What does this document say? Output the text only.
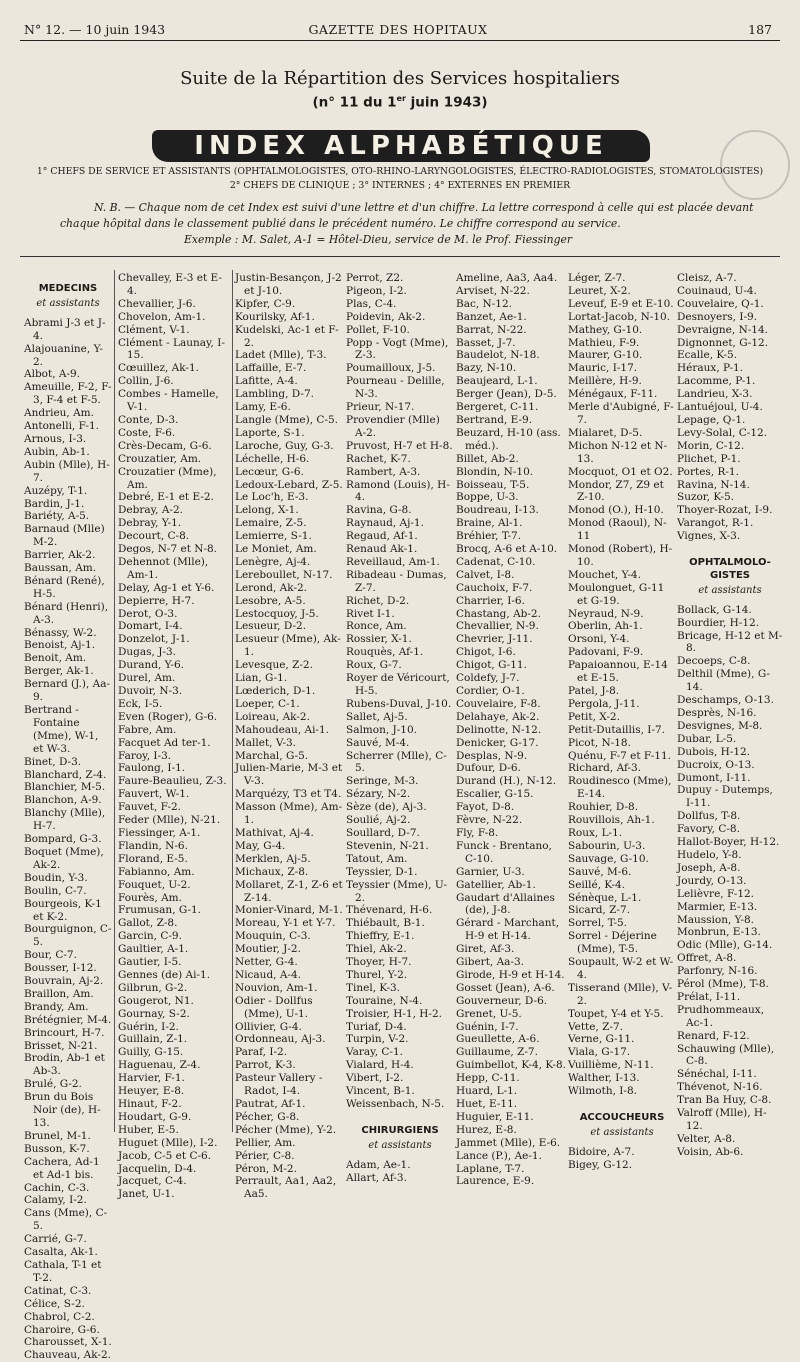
N° 12. — 10 juin 1943	GAZETTE DES HOPITAUX	187
Suite de la Répartition des Services hospitaliers
(n° 11 du 1er juin 1943)
INDEX ALPHABÉTIQUE
1° CHEFS DE SERVICE ET ASSISTANTS (OPHTALMOLOGISTES, OTO-RHINO-LARYNGOLOGISTES, ÉLECTRO-RADIOLOGISTES, STOMATOLOGISTES)
2° CHEFS DE CLINIQUE ; 3° INTERNES ; 4° EXTERNES EN PREMIER
N. B. — Chaque nom de cet Index est suivi d'une lettre et d'un chiffre. La lettre correspond à celle qui est placée devant chaque hôpital dans le classement publié dans le précédent numéro. Le chiffre correspond au service.
Exemple : M. Salet, A-1 = Hôtel-Dieu, service de M. le Prof. Fiessinger
MEDECINS
et assistants
Abrami J-3 et J-4.
Alajouanine, Y-2.
Albot, A-9.
Ameuille, F-2, F-3, F-4 et F-5.
Andrieu, Am.
Antonelli, F-1.
Arnous, I-3.
Aubin, Ab-1.
Aubin (Mlle), H-7.
Auzépy, T-1.
Bardin, J-1.
Bariéty, A-5.
Barnaud (Mlle) M-2.
Barrier, Ak-2.
Baussan, Am.
Bénard (René), H-5.
Bénard (Henri), A-3.
Bénassy, W-2.
Benoist, Aj-1.
Benoit, Am.
Berger, Ak-1.
Bernard (J.), Aa-9.
Bertrand - Fontaine (Mme), W-1, et W-3.
Binet, D-3.
Blanchard, Z-4.
Blanchier, M-5.
Blanchon, A-9.
Blanchy (Mlle), H-7.
Bompard, G-3.
Boquet (Mme), Ak-2.
Boudin, Y-3.
Boulin, C-7.
Bourgeois, K-1 et K-2.
Bourguignon, C-5.
Bour, C-7.
Bousser, I-12.
Bouvrain, Aj-2.
Braillon, Am.
Brandy, Am.
Brétégnier, M-4.
Brincourt, H-7.
Brisset, N-21.
Brodin, Ab-1 et Ab-3.
Brulé, G-2.
Brun du Bois Noir (de), H-13.
Brunel, M-1.
Busson, K-7.
Cachera, Ad-1 et Ad-1 bis.
Cachin, C-3.
Calamy, I-2.
Cans (Mme), C-5.
Carrié, G-7.
Casalta, Ak-1.
Cathala, T-1 et T-2.
Catinat, C-3.
Célice, S-2.
Chabrol, C-2.
Charoire, G-6.
Charousset, X-1.
Chauveau, Ak-2.
Chevalley, E-3 et E-4.
Chevallier, J-6.
Chovelon, Am-1.
Clément, V-1.
Clément - Launay, I-15.
Cœuillez, Ak-1.
Collin, J-6.
Combes - Hamelle, V-1.
Conte, D-3.
Coste, F-6.
Crès-Decam, G-6.
Crouzatier, Am.
Crouzatier (Mme), Am.
Debré, E-1 et E-2.
Debray, A-2.
Debray, Y-1.
Decourt, C-8.
Degos, N-7 et N-8.
Dehennot (Mlle), Am-1.
Delay, Ag-1 et Y-6.
Depierre, H-7.
Derot, O-3.
Domart, I-4.
Donzelot, J-1.
Dugas, J-3.
Durand, Y-6.
Durel, Am.
Duvoir, N-3.
Eck, I-5.
Even (Roger), G-6.
Fabre, Am.
Facquet Ad ter-1.
Faroy, I-3.
Faulong, I-1.
Faure-Beaulieu, Z-3.
Fauvert, W-1.
Fauvet, F-2.
Feder (Mlle), N-21.
Fiessinger, A-1.
Flandin, N-6.
Florand, E-5.
Fabianno, Am.
Fouquet, U-2.
Fourès, Am.
Frumusan, G-1.
Gallot, Z-8.
Garcin, C-9.
Gaultier, A-1.
Gautier, I-5.
Gennes (de) Ai-1.
Gilbrun, G-2.
Gougerot, N1.
Gournay, S-2.
Guérin, I-2.
Guillain, Z-1.
Guilly, G-15.
Haguenau, Z-4.
Harvier, F-1.
Heuyer, E-8.
Hinaut, F-2.
Houdart, G-9.
Huber, E-5.
Huguet (Mlle), I-2.
Jacob, C-5 et C-6.
Jacquelin, D-4.
Jacquet, C-4.
Janet, U-1.
Justin-Besançon, J-2 et J-10.
Kipfer, C-9.
Kourilsky, Af-1.
Kudelski, Ac-1 et F-2.
Ladet (Mlle), T-3.
Laffaille, E-7.
Lafitte, A-4.
Lambling, D-7.
Lamy, E-6.
Langle (Mme), C-5.
Laporte, S-1.
Laroche, Guy, G-3.
Léchelle, H-6.
Lecœur, G-6.
Ledoux-Lebard, Z-5.
Le Loc'h, E-3.
Lelong, X-1.
Lemaire, Z-5.
Lemierre, S-1.
Le Moniet, Am.
Lenègre, Aj-4.
Lereboullet, N-17.
Lerond, Ak-2.
Lesobre, A-5.
Lestocquoy, J-5.
Lesueur, D-2.
Lesueur (Mme), Ak-1.
Levesque, Z-2.
Lian, G-1.
Lœderich, D-1.
Loeper, C-1.
Loireau, Ak-2.
Mahoudeau, Ai-1.
Mallet, V-3.
Marchal, G-5.
Julien-Marie, M-3 et V-3.
Marquézy, T3 et T4.
Masson (Mme), Am-1.
Mathivat, Aj-4.
May, G-4.
Merklen, Aj-5.
Michaux, Z-8.
Mollaret, Z-1, Z-6 et Z-14.
Monier-Vinard, M-1.
Moreau, Y-1 et Y-7.
Mouquin, C-3.
Moutier, J-2.
Netter, G-4.
Nicaud, A-4.
Nouvion, Am-1.
Odier - Dollfus (Mme), U-1.
Ollivier, G-4.
Ordonneau, Aj-3.
Paraf, I-2.
Parrot, K-3.
Pasteur Vallery - Radot, I-4.
Pautrat, Af-1.
Pécher, G-8.
Pécher (Mme), Y-2.
Pellier, Am.
Périer, C-8.
Péron, M-2.
Perrault, Aa1, Aa2, Aa5.
Perrot, Z2.
Pigeon, I-2.
Plas, C-4.
Poidevin, Ak-2.
Pollet, F-10.
Popp - Vogt (Mme), Z-3.
Poumailloux, J-5.
Pourneau - Delille, N-3.
Prieur, N-17.
Provendier (Mlle) A-2.
Pruvost, H-7 et H-8.
Rachet, K-7.
Rambert, A-3.
Ramond (Louis), H-4.
Ravina, G-8.
Raynaud, Aj-1.
Regaud, Af-1.
Renaud Ak-1.
Reveillaud, Am-1.
Ribadeau - Dumas, Z-7.
Richet, D-2.
Rivet I-1.
Ronce, Am.
Rossier, X-1.
Rouquès, Af-1.
Roux, G-7.
Royer de Véricourt, H-5.
Rubens-Duval, J-10.
Sallet, Aj-5.
Salmon, J-10.
Sauvé, M-4.
Scherrer (Mlle), C-5.
Seringe, M-3.
Sézary, N-2.
Sèze (de), Aj-3.
Soulié, Aj-2.
Soullard, D-7.
Stevenin, N-21.
Tatout, Am.
Teyssier, D-1.
Teyssier (Mme), U-2.
Thévenard, H-6.
Thiébault, B-1.
Thieffry, E-1.
Thiel, Ak-2.
Thoyer, H-7.
Thurel, Y-2.
Tinel, K-3.
Touraine, N-4.
Troisier, H-1, H-2.
Turiaf, D-4.
Turpin, V-2.
Varay, C-1.
Vialard, H-4.
Vibert, I-2.
Vincent, B-1.
Weissenbach, N-5.
CHIRURGIENS
et assistants
Adam, Ae-1.
Allart, Af-3.
Ameline, Aa3, Aa4.
Arviset, N-22.
Bac, N-12.
Banzet, Ae-1.
Barrat, N-22.
Basset, J-7.
Baudelot, N-18.
Bazy, N-10.
Beaujeard, L-1.
Berger (Jean), D-5.
Bergeret, C-11.
Bertrand, E-9.
Beuzard, H-10 (ass. méd.).
Billet, Ab-2.
Blondin, N-10.
Boisseau, T-5.
Boppe, U-3.
Boudreau, I-13.
Braine, Al-1.
Bréhier, T-7.
Brocq, A-6 et A-10.
Cadenat, C-10.
Calvet, I-8.
Cauchoix, F-7.
Charrier, I-6.
Chastang, Ab-2.
Chevallier, N-9.
Chevrier, J-11.
Chigot, I-6.
Chigot, G-11.
Coldefy, J-7.
Cordier, O-1.
Couvelaire, F-8.
Delahaye, Ak-2.
Delinotte, N-12.
Denicker, G-17.
Desplas, N-9.
Dufour, D-6.
Durand (H.), N-12.
Escalier, G-15.
Fayot, D-8.
Fèvre, N-22.
Fly, F-8.
Funck - Brentano, C-10.
Garnier, U-3.
Gatellier, Ab-1.
Gaudart d'Allaines (de), J-8.
Gérard - Marchant, H-9 et H-14.
Giret, Af-3.
Gibert, Aa-3.
Girode, H-9 et H-14.
Gosset (Jean), A-6.
Gouverneur, D-6.
Grenet, U-5.
Guénin, I-7.
Gueullette, A-6.
Guillaume, Z-7.
Guimbellot, K-4, K-8.
Hepp, C-11.
Huard, L-1.
Huet, E-11.
Huguier, E-11.
Hurez, E-8.
Jammet (Mlle), E-6.
Lance (P.), Ae-1.
Laplane, T-7.
Laurence, E-9.
Léger, Z-7.
Leuret, X-2.
Leveuf, E-9 et E-10.
Lortat-Jacob, N-10.
Mathey, G-10.
Mathieu, F-9.
Maurer, G-10.
Mauric, I-17.
Meillère, H-9.
Ménégaux, F-11.
Merle d'Aubigné, F-7.
Mialaret, D-5.
Michon N-12 et N-13.
Mocquot, O1 et O2.
Mondor, Z7, Z9 et Z-10.
Monod (O.), H-10.
Monod (Raoul), N-11
Monod (Robert), H-10.
Mouchet, Y-4.
Moulonguet, G-11 et G-19.
Neyraud, N-9.
Oberlin, Ah-1.
Orsoni, Y-4.
Padovani, F-9.
Papaioannou, E-14 et E-15.
Patel, J-8.
Pergola, J-11.
Petit, X-2.
Petit-Dutaillis, I-7.
Picot, N-18.
Quénu, F-7 et F-11.
Richard, Af-3.
Roudinesco (Mme), E-14.
Rouhier, D-8.
Rouvillois, Ah-1.
Roux, L-1.
Sabourin, U-3.
Sauvage, G-10.
Sauvé, M-6.
Seillé, K-4.
Sénèque, L-1.
Sicard, Z-7.
Sorrel, T-5.
Sorrel - Déjerine (Mme), T-5.
Soupault, W-2 et W-4.
Tisserand (Mlle), V-2.
Toupet, Y-4 et Y-5.
Vette, Z-7.
Verne, G-11.
Viala, G-17.
Vuillième, N-11.
Walther, I-13.
Wilmoth, I-8.
ACCOUCHEURS
et assistants
Bidoire, A-7.
Bigey, G-12.
Cleisz, A-7.
Couinaud, U-4.
Couvelaire, Q-1.
Desnoyers, I-9.
Devraigne, N-14.
Dignonnet, G-12.
Ecalle, K-5.
Héraux, P-1.
Lacomme, P-1.
Landrieu, X-3.
Lantuéjoul, U-4.
Lepage, Q-1.
Levy-Solal, C-12.
Morin, C-12.
Plichet, P-1.
Portes, R-1.
Ravina, N-14.
Suzor, K-5.
Thoyer-Rozat, I-9.
Varangot, R-1.
Vignes, X-3.
OPHTALMOLO-GISTES
et assistants
Bollack, G-14.
Bourdier, H-12.
Bricage, H-12 et M-8.
Decoeps, C-8.
Delthil (Mme), G-14.
Deschamps, O-13.
Desprès, N-16.
Desvignes, M-8.
Dubar, L-5.
Dubois, H-12.
Ducroix, O-13.
Dumont, I-11.
Dupuy - Dutemps, I-11.
Dollfus, T-8.
Favory, C-8.
Hallot-Boyer, H-12.
Hudelo, Y-8.
Joseph, A-8.
Jourdy, O-13.
Lelièvre, F-12.
Marmier, E-13.
Maussion, Y-8.
Monbrun, E-13.
Odic (Mlle), G-14.
Offret, A-8.
Parfonry, N-16.
Pérol (Mme), T-8.
Prélat, I-11.
Prudhommeaux, Ac-1.
Renard, F-12.
Schauwing (Mlle), C-8.
Sénéchal, I-11.
Thévenot, N-16.
Tran Ba Huy, C-8.
Valroff (Mlle), H-12.
Velter, A-8.
Voisin, Ab-6.
